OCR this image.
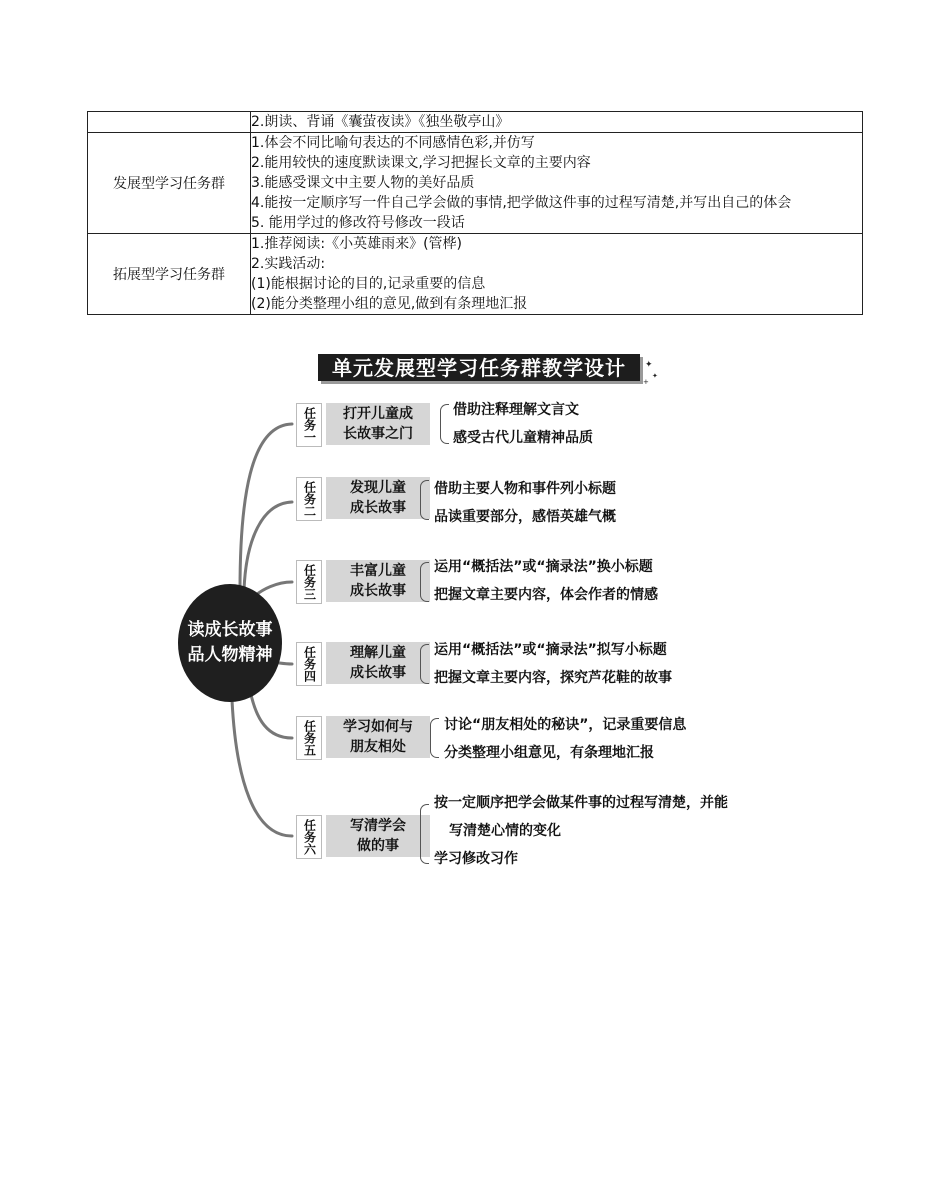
	2.朗读、背诵《囊萤夜读》《独坐敬亭山》

发展型学习任务群	1.体会不同比喻句表达的不同感情色彩,并仿写
2.能用较快的速度默读课文,学习把握长文章的主要内容
3.能感受课文中主要人物的美好品质
4.能按一定顺序写一件自己学会做的事情,把学做这件事的过程写清楚,并写出自己的体会
5. 能用学过的修改符号修改一段话

拓展型学习任务群	1.推荐阅读:《小英雄雨来》(管桦)
2.实践活动:
(1)能根据讨论的目的,记录重要的信息
(2)能分类整理小组的意见,做到有条理地汇报
单元发展型学习任务群教学设计	✦
✦
+
读成长故事
品人物精神
任务一	打开儿童成
长故事之门
借助注释理解文言文
感受古代儿童精神品质
任务二	发现儿童
成长故事
借助主要人物和事件列小标题
品读重要部分，感悟英雄气概
任务三	丰富儿童
成长故事
运用“概括法”或“摘录法”换小标题
把握文章主要内容，体会作者的情感
任务四	理解儿童
成长故事
运用“概括法”或“摘录法”拟写小标题
把握文章主要内容，探究芦花鞋的故事
任务五	学习如何与
朋友相处
讨论“朋友相处的秘诀”，记录重要信息
分类整理小组意见，有条理地汇报
任务六	写清学会
做的事
按一定顺序把学会做某件事的过程写清楚，并能
写清楚心情的变化
学习修改习作
